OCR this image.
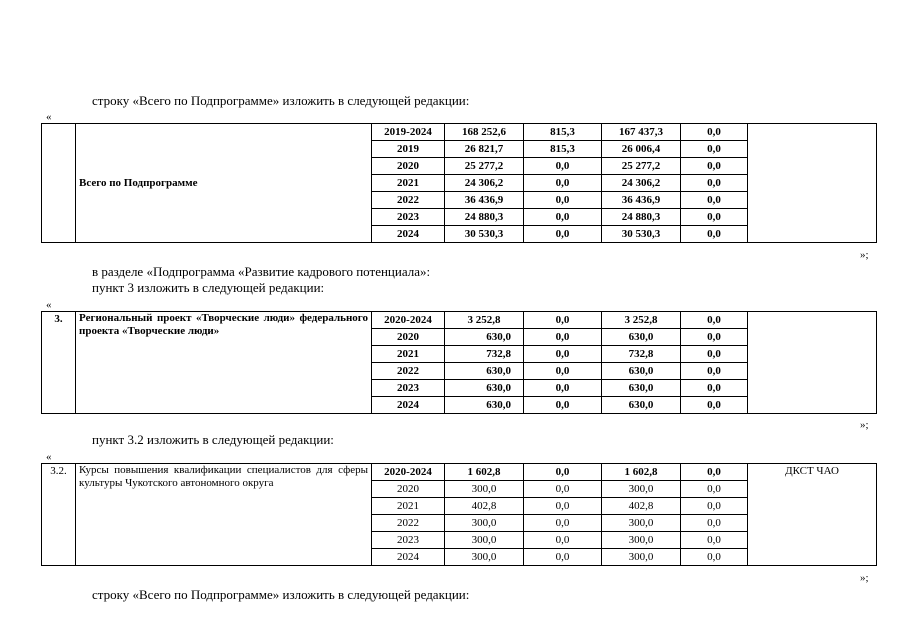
строку «Всего по Подпрограмме» изложить в следующей редакции:
«
	Всего по Подпрограмме	2019-2024	168 252,6	815,3	167 437,3	0,0	
		2019	26 821,7	815,3	26 006,4	0,0	
		2020	25 277,2	0,0	25 277,2	0,0	
		2021	24 306,2	0,0	24 306,2	0,0	
		2022	36 436,9	0,0	36 436,9	0,0	
		2023	24 880,3	0,0	24 880,3	0,0	
		2024	30 530,3	0,0	30 530,3	0,0	
»;
в разделе «Подпрограмма «Развитие кадрового потенциала»:
пункт 3 изложить в следующей редакции:
«
3.	Региональный проект «Творческие люди» федерального проекта «Творческие люди»	2020-2024	3 252,8	0,0	3 252,8	0,0	
		2020	630,0	0,0	630,0	0,0	
		2021	732,8	0,0	732,8	0,0	
		2022	630,0	0,0	630,0	0,0	
		2023	630,0	0,0	630,0	0,0	
		2024	630,0	0,0	630,0	0,0	
»;
пункт 3.2 изложить в следующей редакции:
«
3.2.	Курсы повышения квалификации специалистов для сферы культуры Чукотского автономного округа	2020-2024	1 602,8	0,0	1 602,8	0,0	ДКСТ ЧАО
		2020	300,0	0,0	300,0	0,0	
		2021	402,8	0,0	402,8	0,0	
		2022	300,0	0,0	300,0	0,0	
		2023	300,0	0,0	300,0	0,0	
		2024	300,0	0,0	300,0	0,0	
»;
строку «Всего по Подпрограмме» изложить в следующей редакции:
